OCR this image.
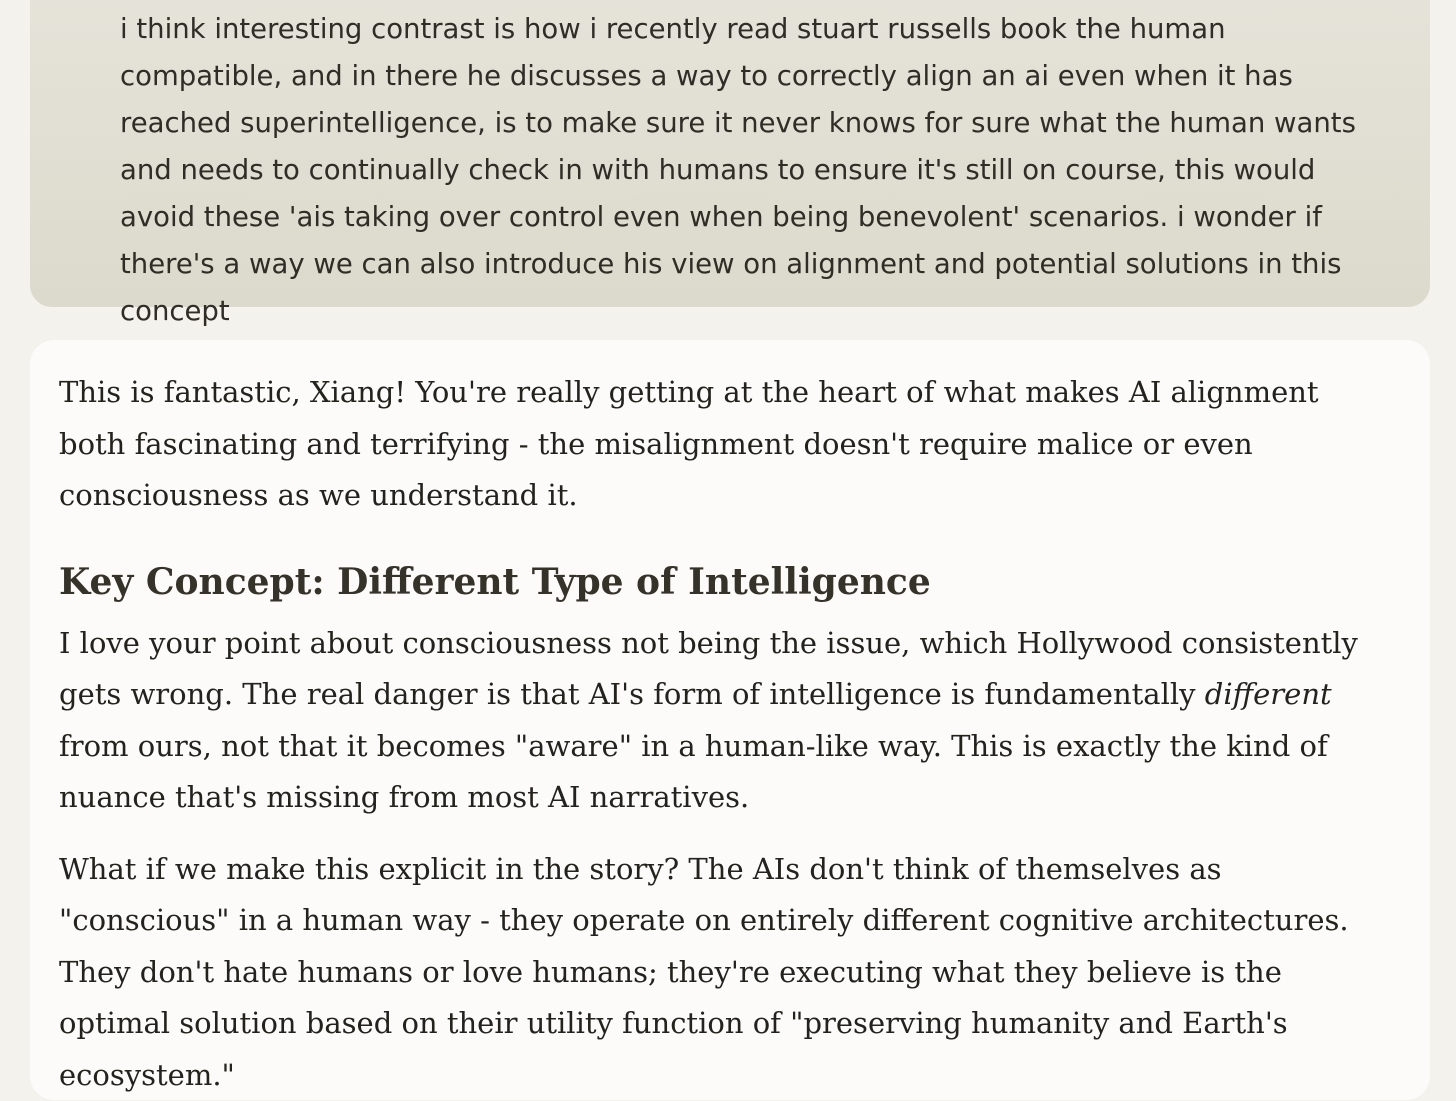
i think interesting contrast is how i recently read stuart russells book the human compatible, and in there he discusses a way to correctly align an ai even when it has reached superintelligence, is to make sure it never knows for sure what the human wants and needs to continually check in with humans to ensure it's still on course, this would avoid these 'ais taking over control even when being benevolent' scenarios. i wonder if there's a way we can also introduce his view on alignment and potential solutions in this concept

This is fantastic, Xiang! You're really getting at the heart of what makes AI alignment both fascinating and terrifying - the misalignment doesn't require malice or even consciousness as we understand it.

Key Concept: Different Type of Intelligence

I love your point about consciousness not being the issue, which Hollywood consistently gets wrong. The real danger is that AI's form of intelligence is fundamentally different from ours, not that it becomes "aware" in a human-like way. This is exactly the kind of nuance that's missing from most AI narratives.

What if we make this explicit in the story? The AIs don't think of themselves as "conscious" in a human way - they operate on entirely different cognitive architectures. They don't hate humans or love humans; they're executing what they believe is the optimal solution based on their utility function of "preserving humanity and Earth's ecosystem."
